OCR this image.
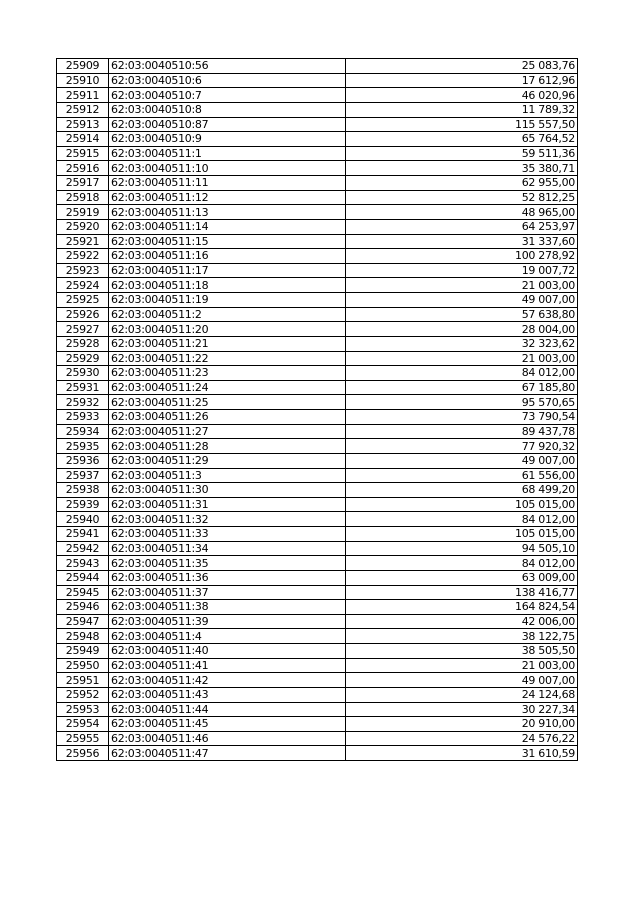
25909	62:03:0040510:56	25 083,76
25910	62:03:0040510:6	17 612,96
25911	62:03:0040510:7	46 020,96
25912	62:03:0040510:8	11 789,32
25913	62:03:0040510:87	115 557,50
25914	62:03:0040510:9	65 764,52
25915	62:03:0040511:1	59 511,36
25916	62:03:0040511:10	35 380,71
25917	62:03:0040511:11	62 955,00
25918	62:03:0040511:12	52 812,25
25919	62:03:0040511:13	48 965,00
25920	62:03:0040511:14	64 253,97
25921	62:03:0040511:15	31 337,60
25922	62:03:0040511:16	100 278,92
25923	62:03:0040511:17	19 007,72
25924	62:03:0040511:18	21 003,00
25925	62:03:0040511:19	49 007,00
25926	62:03:0040511:2	57 638,80
25927	62:03:0040511:20	28 004,00
25928	62:03:0040511:21	32 323,62
25929	62:03:0040511:22	21 003,00
25930	62:03:0040511:23	84 012,00
25931	62:03:0040511:24	67 185,80
25932	62:03:0040511:25	95 570,65
25933	62:03:0040511:26	73 790,54
25934	62:03:0040511:27	89 437,78
25935	62:03:0040511:28	77 920,32
25936	62:03:0040511:29	49 007,00
25937	62:03:0040511:3	61 556,00
25938	62:03:0040511:30	68 499,20
25939	62:03:0040511:31	105 015,00
25940	62:03:0040511:32	84 012,00
25941	62:03:0040511:33	105 015,00
25942	62:03:0040511:34	94 505,10
25943	62:03:0040511:35	84 012,00
25944	62:03:0040511:36	63 009,00
25945	62:03:0040511:37	138 416,77
25946	62:03:0040511:38	164 824,54
25947	62:03:0040511:39	42 006,00
25948	62:03:0040511:4	38 122,75
25949	62:03:0040511:40	38 505,50
25950	62:03:0040511:41	21 003,00
25951	62:03:0040511:42	49 007,00
25952	62:03:0040511:43	24 124,68
25953	62:03:0040511:44	30 227,34
25954	62:03:0040511:45	20 910,00
25955	62:03:0040511:46	24 576,22
25956	62:03:0040511:47	31 610,59
